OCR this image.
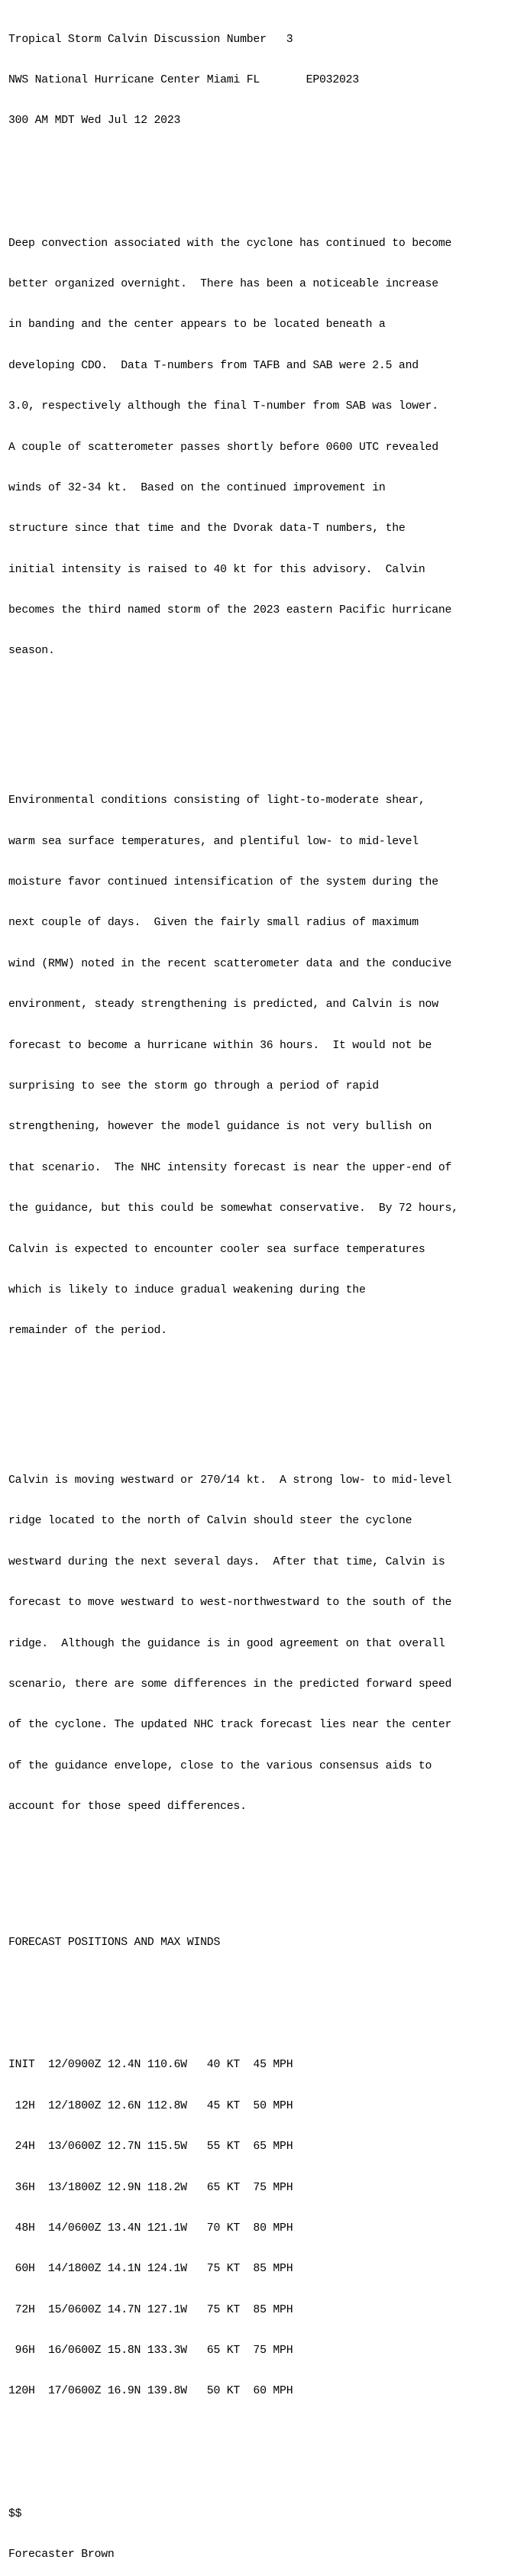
Tropical Storm Calvin Discussion Number   3

NWS National Hurricane Center Miami FL       EP032023

300 AM MDT Wed Jul 12 2023

Deep convection associated with the cyclone has continued to become

better organized overnight.  There has been a noticeable increase

in banding and the center appears to be located beneath a

developing CDO.  Data T-numbers from TAFB and SAB were 2.5 and

3.0, respectively although the final T-number from SAB was lower.

A couple of scatterometer passes shortly before 0600 UTC revealed

winds of 32-34 kt.  Based on the continued improvement in

structure since that time and the Dvorak data-T numbers, the

initial intensity is raised to 40 kt for this advisory.  Calvin

becomes the third named storm of the 2023 eastern Pacific hurricane

season.

Environmental conditions consisting of light-to-moderate shear,

warm sea surface temperatures, and plentiful low- to mid-level

moisture favor continued intensification of the system during the

next couple of days.  Given the fairly small radius of maximum

wind (RMW) noted in the recent scatterometer data and the conducive

environment, steady strengthening is predicted, and Calvin is now

forecast to become a hurricane within 36 hours.  It would not be

surprising to see the storm go through a period of rapid

strengthening, however the model guidance is not very bullish on

that scenario.  The NHC intensity forecast is near the upper-end of

the guidance, but this could be somewhat conservative.  By 72 hours,

Calvin is expected to encounter cooler sea surface temperatures

which is likely to induce gradual weakening during the

remainder of the period.

Calvin is moving westward or 270/14 kt.  A strong low- to mid-level

ridge located to the north of Calvin should steer the cyclone

westward during the next several days.  After that time, Calvin is

forecast to move westward to west-northwestward to the south of the

ridge.  Although the guidance is in good agreement on that overall

scenario, there are some differences in the predicted forward speed

of the cyclone. The updated NHC track forecast lies near the center

of the guidance envelope, close to the various consensus aids to

account for those speed differences.

FORECAST POSITIONS AND MAX WINDS

INIT  12/0900Z 12.4N 110.6W   40 KT  45 MPH

12H  12/1800Z 12.6N 112.8W   45 KT  50 MPH

24H  13/0600Z 12.7N 115.5W   55 KT  65 MPH

36H  13/1800Z 12.9N 118.2W   65 KT  75 MPH

48H  14/0600Z 13.4N 121.1W   70 KT  80 MPH

60H  14/1800Z 14.1N 124.1W   75 KT  85 MPH

72H  15/0600Z 14.7N 127.1W   75 KT  85 MPH

96H  16/0600Z 15.8N 133.3W   65 KT  75 MPH

120H  17/0600Z 16.9N 139.8W   50 KT  60 MPH

$$

Forecaster Brown
